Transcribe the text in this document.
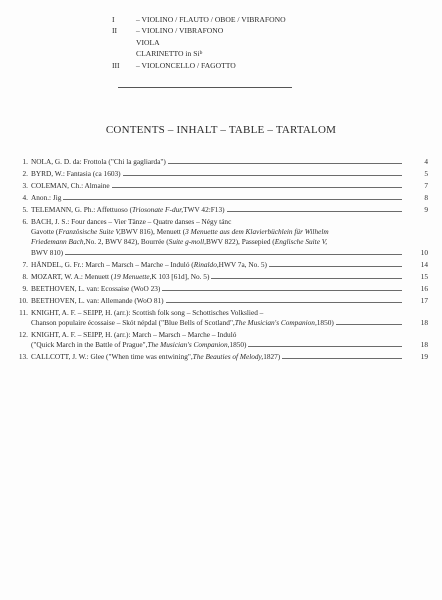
I	– VIOLINO / FLAUTO / OBOE / VIBRAFONO
II	– VIOLINO / VIBRAFONO
VIOLA
CLARINETTO in Si$^b$
III	– VIOLONCELLO / FAGOTTO
CONTENTS – INHALT – TABLE – TARTALOM
1. NOLA, G. D. da: Frottola ("Chi la gagliarda")	4
2. BYRD, W.: Fantasia (ca 1603)	5
3. COLEMAN, Ch.: Almaine	7
4. Anon.: Jig	8
5. TELEMANN, G. Ph.: Affettuoso ( Triosonate F-dur, TWV 42:F13)	9
6. BACH, J. S.: Four dances – Vier Tänze – Quatre danses – Négy tánc
Gavotte ( Französische Suite V, BWV 816), Menuett ( 3 Menuette aus dem Klavierbüchlein für Wilhelm
Friedemann Bach, No. 2, BWV 842), Bourrée ( Suite g-moll, BWV 822), Passepied ( Englische Suite V,
BWV 810)	10
7. HÄNDEL, G. Fr.: March – Marsch – Marche – Induló ( Rinaldo, HWV 7a, No. 5)	14
8. MOZART, W. A.: Menuett ( 19 Menuette, K 103 [61d], No. 5)	15
9. BEETHOVEN, L. van: Ecossaise (WoO 23)	16
10. BEETHOVEN, L. van: Allemande (WoO 81)	17
11. KNIGHT, A. F. – SEIPP, H. (arr.): Scottish folk song – Schottisches Volkslied –
Chanson populaire écossaise – Skót népdal ("Blue Bells of Scotland", The Musician's Companion, 1850)	18
12. KNIGHT, A. F. – SEIPP, H. (arr.): March – Marsch – Marche – Induló
("Quick March in the Battle of Prague", The Musician's Companion, 1850)	18
13. CALLCOTT, J. W.: Glee ("When time was entwining", The Beauties of Melody, 1827)	19
